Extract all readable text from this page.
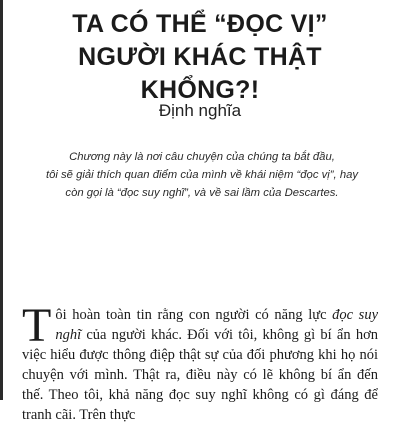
TA CÓ THỂ “ĐỌC VỊ”
NGƯỜI KHÁC THẬT KHỔNG?!
Định nghĩa
Chương này là nơi câu chuyện của chúng ta bắt đầu,
tôi sẽ giải thích quan điểm của mình về khái niệm “đọc vị”, hay
còn gọi là “đọc suy nghĩ”, và về sai lầm của Descartes.

Tôi hoàn toàn tin rằng con người có năng lực đọc suy nghĩ của người khác. Đối với tôi, không gì bí ẩn hơn việc hiểu được thông điệp thật sự của đối phương khi họ nói chuyện với mình. Thật ra, điều này có lẽ không bí ẩn đến thế. Theo tôi, khả năng đọc suy nghĩ không có gì đáng để tranh cãi. Trên thực
